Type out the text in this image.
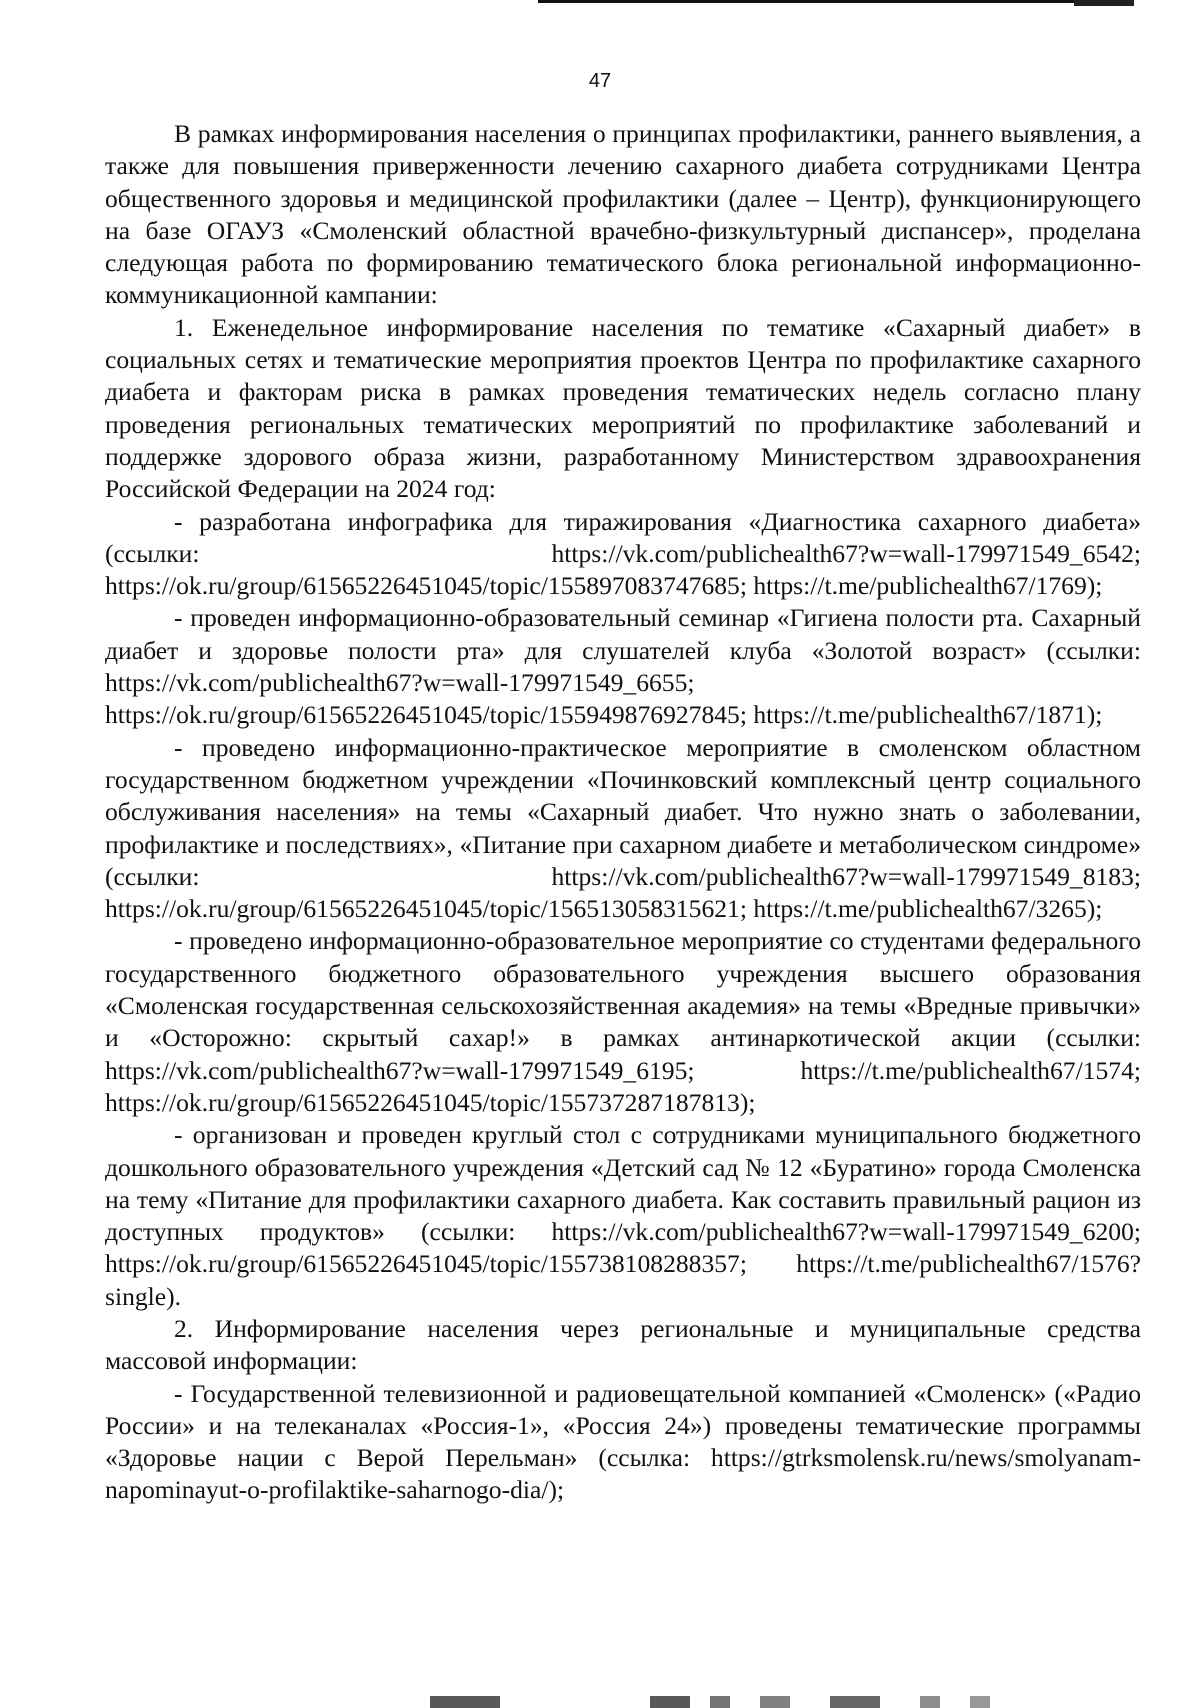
47

В рамках информирования населения о принципах профилактики, раннего выявления, а также для повышения приверженности лечению сахарного диабета сотрудниками Центра общественного здоровья и медицинской профилактики (далее – Центр), функционирующего на базе ОГАУЗ «Смоленский областной врачебно-физкультурный диспансер», проделана следующая работа по формированию тематического блока региональной информационно-коммуникационной кампании:

1. Еженедельное информирование населения по тематике «Сахарный диабет» в социальных сетях и тематические мероприятия проектов Центра по профилактике сахарного диабета и факторам риска в рамках проведения тематических недель согласно плану проведения региональных тематических мероприятий по профилактике заболеваний и поддержке здорового образа жизни, разработанному Министерством здравоохранения Российской Федерации на 2024 год:

- разработана инфографика для тиражирования «Диагностика сахарного диабета» (ссылки: https://vk.com/publichealth67?w=wall-179971549_6542; https://ok.ru/group/61565226451045/topic/155897083747685; https://t.me/publichealth67/1769);

- проведен информационно-образовательный семинар «Гигиена полости рта. Сахарный диабет и здоровье полости рта» для слушателей клуба «Золотой возраст» (ссылки: https://vk.com/publichealth67?w=wall-179971549_6655; https://ok.ru/group/61565226451045/topic/155949876927845; https://t.me/publichealth67/1871);

- проведено информационно-практическое мероприятие в смоленском областном государственном бюджетном учреждении «Починковский комплексный центр социального обслуживания населения» на темы «Сахарный диабет. Что нужно знать о заболевании, профилактике и последствиях», «Питание при сахарном диабете и метаболическом синдроме» (ссылки: https://vk.com/publichealth67?w=wall-179971549_8183; https://ok.ru/group/61565226451045/topic/156513058315621; https://t.me/publichealth67/3265);

- проведено информационно-образовательное мероприятие со студентами федерального государственного бюджетного образовательного учреждения высшего образования «Смоленская государственная сельскохозяйственная академия» на темы «Вредные привычки» и «Осторожно: скрытый сахар!» в рамках антинаркотической акции (ссылки: https://vk.com/publichealth67?w=wall-179971549_6195; https://t.me/publichealth67/1574; https://ok.ru/group/61565226451045/topic/155737287187813);

- организован и проведен круглый стол с сотрудниками муниципального бюджетного дошкольного образовательного учреждения «Детский сад № 12 «Буратино» города Смоленска на тему «Питание для профилактики сахарного диабета. Как составить правильный рацион из доступных продуктов» (ссылки: https://vk.com/publichealth67?w=wall-179971549_6200; https://ok.ru/group/61565226451045/topic/155738108288357; https://t.me/publichealth67/1576?single).

2. Информирование населения через региональные и муниципальные средства массовой информации:

- Государственной телевизионной и радиовещательной компанией «Смоленск» («Радио России» и на телеканалах «Россия-1», «Россия 24») проведены тематические программы «Здоровье нации с Верой Перельман» (ссылка: https://gtrksmolensk.ru/news/smolyanam-napominayut-o-profilaktike-saharnogo-dia/);
